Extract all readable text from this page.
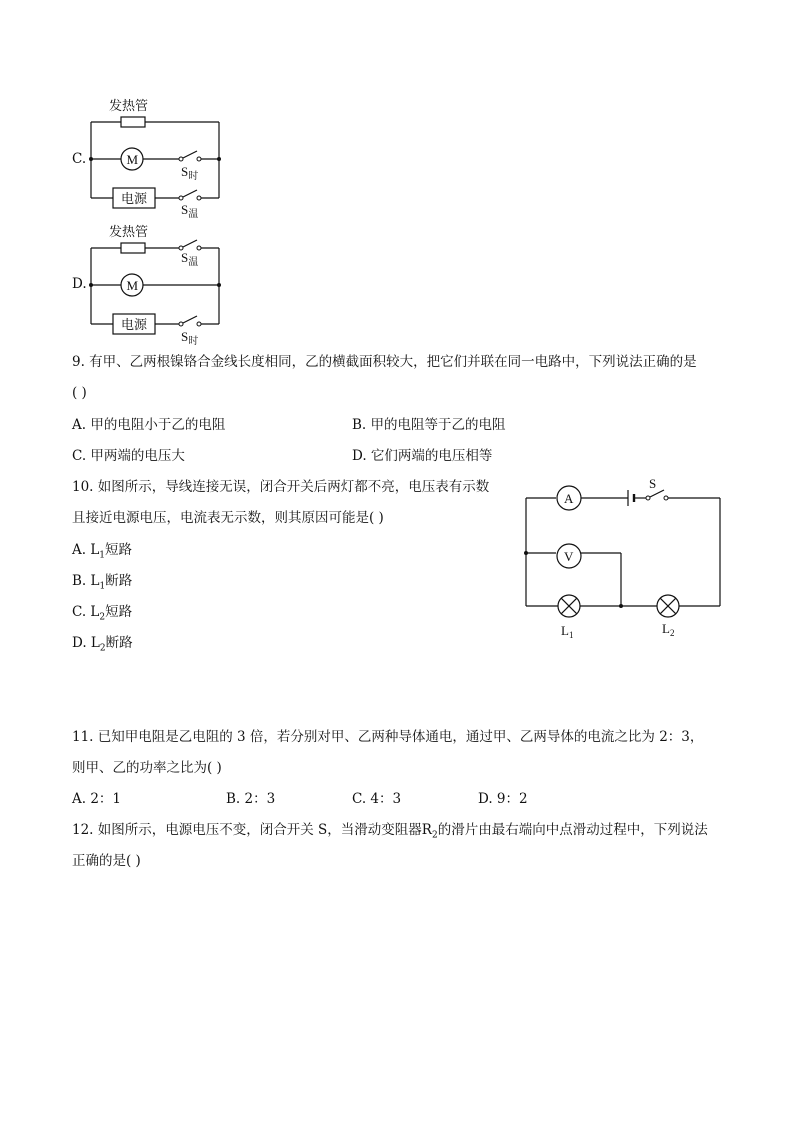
C.
发热管
M
$S_时$
电源
$S_温$
D.
发热管
$S_温$
M
电源
$S_时$
9. 有甲、乙两根镍铬合金线长度相同，乙的横截面积较大，把它们并联在同一电路中，下列说法正确的是
( )
A. 甲的电阻小于乙的电阻	B. 甲的电阻等于乙的电阻
C. 甲两端的电压大	D. 它们两端的电压相等
10. 如图所示，导线连接无误，闭合开关后两灯都不亮，电压表有示数
且接近电源电压，电流表无示数，则其原因可能是( )
A. $L_1$短路
B. $L_1$断路
C. $L_2$短路
D. $L_2$断路
A
S
V
$L_1$	$L_2$
11. 已知甲电阻是乙电阻的 3 倍，若分别对甲、乙两种导体通电，通过甲、乙两导体的电流之比为 2：3，
则甲、乙的功率之比为( )
A. 2：1	B. 2：3	C. 4：3	D. 9：2
12. 如图所示，电源电压不变，闭合开关 S，当滑动变阻器$R_2$的滑片由最右端向中点滑动过程中，下列说法
正确的是( )
